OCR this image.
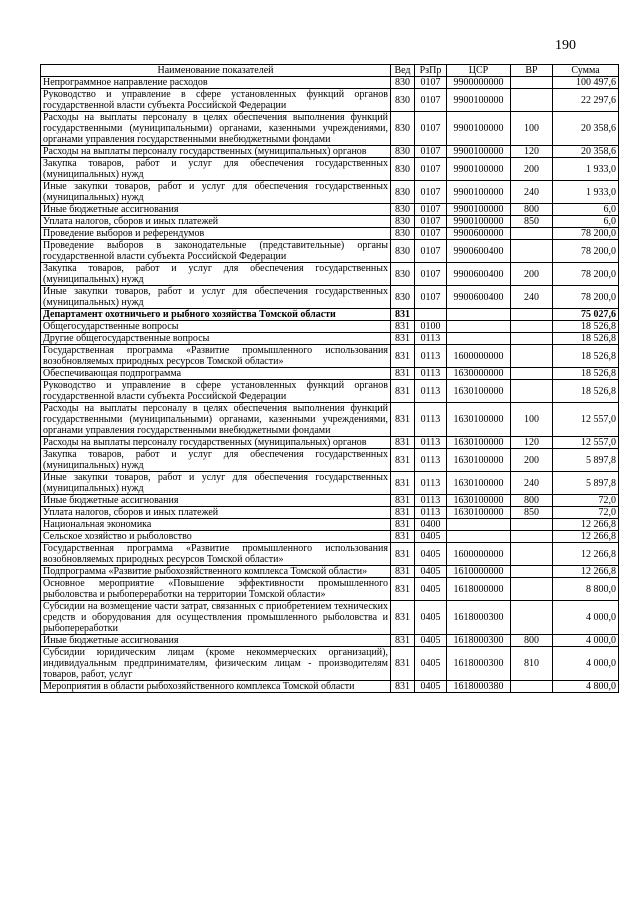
190
Наименование показателей	Вед	РзПр	ЦСР	ВР	Сумма
Непрограммное направление расходов	830	0107	9900000000		100 497,6
Руководство и управление в сфере установленных функций органов государственной власти субъекта Российской Федерации	830	0107	9900100000		22 297,6
Расходы на выплаты персоналу в целях обеспечения выполнения функций государственными (муниципальными) органами, казенными учреждениями, органами управления государственными внебюджетными фондами	830	0107	9900100000	100	20 358,6
Расходы на выплаты персоналу государственных (муниципальных) органов	830	0107	9900100000	120	20 358,6
Закупка товаров, работ и услуг для обеспечения государственных (муниципальных) нужд	830	0107	9900100000	200	1 933,0
Иные закупки товаров, работ и услуг для обеспечения государственных (муниципальных) нужд	830	0107	9900100000	240	1 933,0
Иные бюджетные ассигнования	830	0107	9900100000	800	6,0
Уплата налогов, сборов и иных платежей	830	0107	9900100000	850	6,0
Проведение выборов и референдумов	830	0107	9900600000		78 200,0
Проведение выборов в законодательные (представительные) органы государственной власти субъекта Российской Федерации	830	0107	9900600400		78 200,0
Закупка товаров, работ и услуг для обеспечения государственных (муниципальных) нужд	830	0107	9900600400	200	78 200,0
Иные закупки товаров, работ и услуг для обеспечения государственных (муниципальных) нужд	830	0107	9900600400	240	78 200,0
Департамент охотничьего и рыбного хозяйства Томской области	831				75 027,6
Общегосударственные вопросы	831	0100			18 526,8
Другие общегосударственные вопросы	831	0113			18 526,8
Государственная программа «Развитие промышленного использования возобновляемых природных ресурсов Томской области»	831	0113	1600000000		18 526,8
Обеспечивающая подпрограмма	831	0113	1630000000		18 526,8
Руководство и управление в сфере установленных функций органов государственной власти субъекта Российской Федерации	831	0113	1630100000		18 526,8
Расходы на выплаты персоналу в целях обеспечения выполнения функций государственными (муниципальными) органами, казенными учреждениями, органами управления государственными внебюджетными фондами	831	0113	1630100000	100	12 557,0
Расходы на выплаты персоналу государственных (муниципальных) органов	831	0113	1630100000	120	12 557,0
Закупка товаров, работ и услуг для обеспечения государственных (муниципальных) нужд	831	0113	1630100000	200	5 897,8
Иные закупки товаров, работ и услуг для обеспечения государственных (муниципальных) нужд	831	0113	1630100000	240	5 897,8
Иные бюджетные ассигнования	831	0113	1630100000	800	72,0
Уплата налогов, сборов и иных платежей	831	0113	1630100000	850	72,0
Национальная экономика	831	0400			12 266,8
Сельское хозяйство и рыболовство	831	0405			12 266,8
Государственная программа «Развитие промышленного использования возобновляемых природных ресурсов Томской области»	831	0405	1600000000		12 266,8
Подпрограмма «Развитие рыбохозяйственного комплекса Томской области»	831	0405	1610000000		12 266,8
Основное мероприятие «Повышение эффективности промышленного рыболовства и рыбопереработки на территории Томской области»	831	0405	1618000000		8 800,0
Субсидии на возмещение части затрат, связанных с приобретением технических средств и оборудования для осуществления промышленного рыболовства и рыбопереработки	831	0405	1618000300		4 000,0
Иные бюджетные ассигнования	831	0405	1618000300	800	4 000,0
Субсидии юридическим лицам (кроме некоммерческих организаций), индивидуальным предпринимателям, физическим лицам - производителям товаров, работ, услуг	831	0405	1618000300	810	4 000,0
Мероприятия в области рыбохозяйственного комплекса Томской области	831	0405	1618000380		4 800,0
